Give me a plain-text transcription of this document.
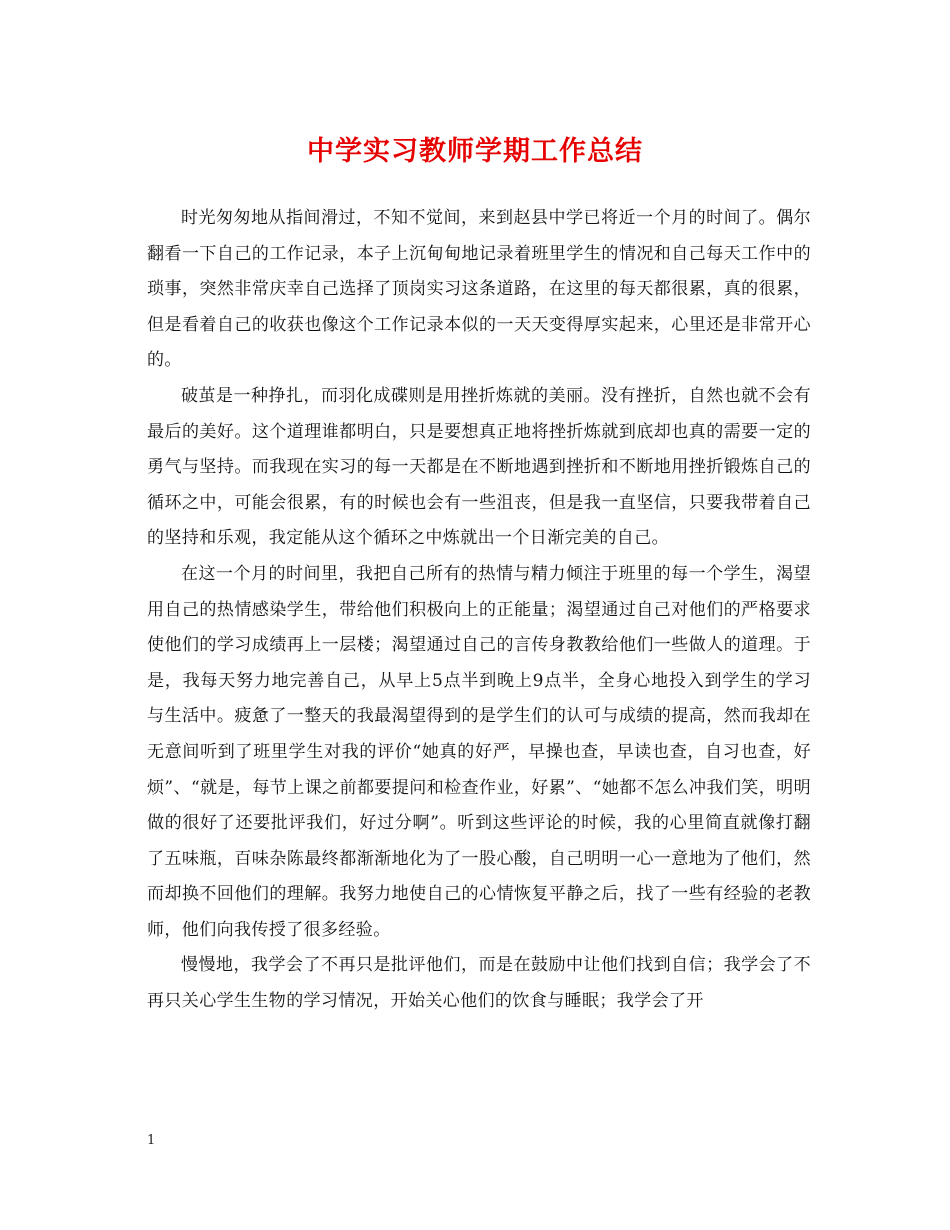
中学实习教师学期工作总结

时光匆匆地从指间滑过，不知不觉间，来到赵县中学已将近一个月的时间了。偶尔翻看一下自己的工作记录，本子上沉甸甸地记录着班里学生的情况和自己每天工作中的琐事，突然非常庆幸自己选择了顶岗实习这条道路，在这里的每天都很累，真的很累，但是看着自己的收获也像这个工作记录本似的一天天变得厚实起来，心里还是非常开心的。

破茧是一种挣扎，而羽化成碟则是用挫折炼就的美丽。没有挫折，自然也就不会有最后的美好。这个道理谁都明白，只是要想真正地将挫折炼就到底却也真的需要一定的勇气与坚持。而我现在实习的每一天都是在不断地遇到挫折和不断地用挫折锻炼自己的循环之中，可能会很累，有的时候也会有一些沮丧，但是我一直坚信，只要我带着自己的坚持和乐观，我定能从这个循环之中炼就出一个日渐完美的自己。

在这一个月的时间里，我把自己所有的热情与精力倾注于班里的每一个学生，渴望用自己的热情感染学生，带给他们积极向上的正能量；渴望通过自己对他们的严格要求使他们的学习成绩再上一层楼；渴望通过自己的言传身教教给他们一些做人的道理。于是，我每天努力地完善自己，从早上5点半到晚上9点半，全身心地投入到学生的学习与生活中。疲惫了一整天的我最渴望得到的是学生们的认可与成绩的提高，然而我却在无意间听到了班里学生对我的评价“她真的好严，早操也查，早读也查，自习也查，好烦”、“就是，每节上课之前都要提问和检查作业，好累”、“她都不怎么冲我们笑，明明做的很好了还要批评我们，好过分啊”。听到这些评论的时候，我的心里简直就像打翻了五味瓶，百味杂陈最终都渐渐地化为了一股心酸，自己明明一心一意地为了他们，然而却换不回他们的理解。我努力地使自己的心情恢复平静之后，找了一些有经验的老教师，他们向我传授了很多经验。

慢慢地，我学会了不再只是批评他们，而是在鼓励中让他们找到自信；我学会了不再只关心学生生物的学习情况，开始关心他们的饮食与睡眠；我学会了开

1
